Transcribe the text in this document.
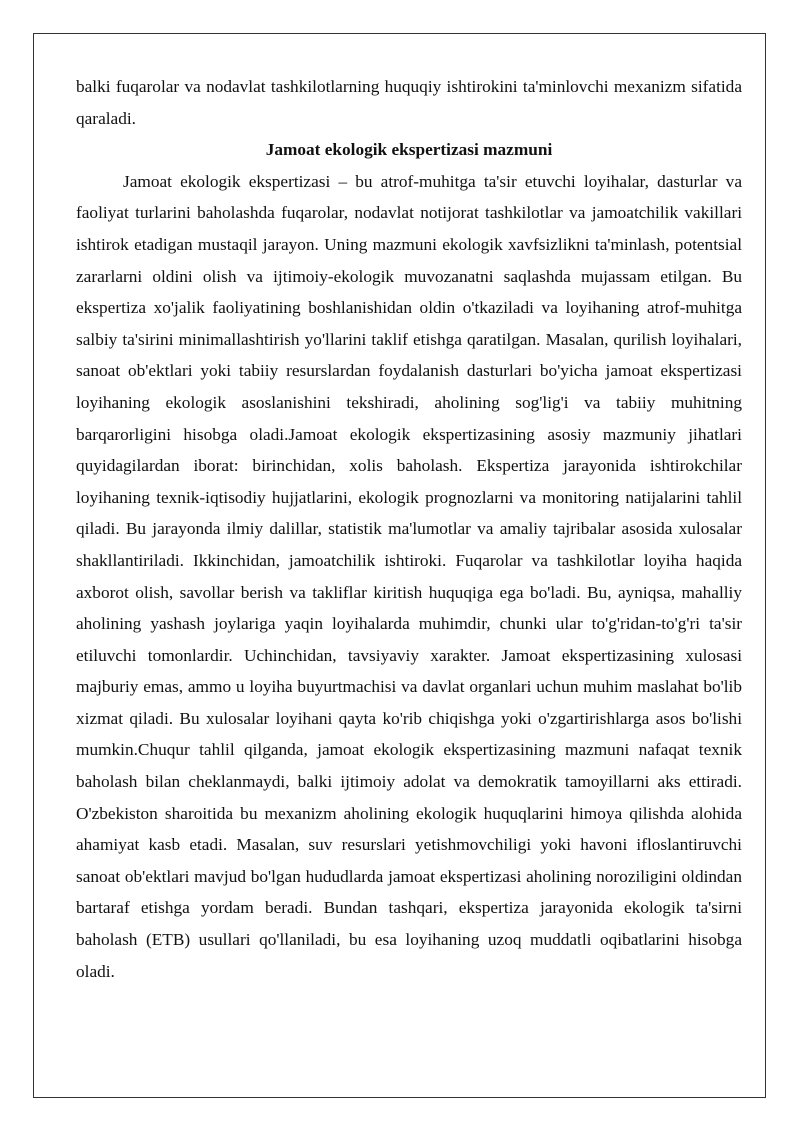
balki fuqarolar va nodavlat tashkilotlarning huquqiy ishtirokini ta'minlovchi mexanizm sifatida qaraladi.

Jamoat ekologik ekspertizasi mazmuni

Jamoat ekologik ekspertizasi – bu atrof-muhitga ta'sir etuvchi loyihalar, dasturlar va faoliyat turlarini baholashda fuqarolar, nodavlat notijorat tashkilotlar va jamoatchilik vakillari ishtirok etadigan mustaqil jarayon. Uning mazmuni ekologik xavfsizlikni ta'minlash, potentsial zararlarni oldini olish va ijtimoiy-ekologik muvozanatni saqlashda mujassam etilgan. Bu ekspertiza xo'jalik faoliyatining boshlanishidan oldin o'tkaziladi va loyihaning atrof-muhitga salbiy ta'sirini minimallashtirish yo'llarini taklif etishga qaratilgan. Masalan, qurilish loyihalari, sanoat ob'ektlari yoki tabiiy resurslardan foydalanish dasturlari bo'yicha jamoat ekspertizasi loyihaning ekologik asoslanishini tekshiradi, aholining sog'lig'i va tabiiy muhitning barqarorligini hisobga oladi.Jamoat ekologik ekspertizasining asosiy mazmuniy jihatlari quyidagilardan iborat: birinchidan, xolis baholash. Ekspertiza jarayonida ishtirokchilar loyihaning texnik-iqtisodiy hujjatlarini, ekologik prognozlarni va monitoring natijalarini tahlil qiladi. Bu jarayonda ilmiy dalillar, statistik ma'lumotlar va amaliy tajribalar asosida xulosalar shakllantiriladi. Ikkinchidan, jamoatchilik ishtiroki. Fuqarolar va tashkilotlar loyiha haqida axborot olish, savollar berish va takliflar kiritish huquqiga ega bo'ladi. Bu, ayniqsa, mahalliy aholining yashash joylariga yaqin loyihalarda muhimdir, chunki ular to'g'ridan-to'g'ri ta'sir etiluvchi tomonlardir. Uchinchidan, tavsiyaviy xarakter. Jamoat ekspertizasining xulosasi majburiy emas, ammo u loyiha buyurtmachisi va davlat organlari uchun muhim maslahat bo'lib xizmat qiladi. Bu xulosalar loyihani qayta ko'rib chiqishga yoki o'zgartirishlarga asos bo'lishi mumkin.Chuqur tahlil qilganda, jamoat ekologik ekspertizasining mazmuni nafaqat texnik baholash bilan cheklanmaydi, balki ijtimoiy adolat va demokratik tamoyillarni aks ettiradi. O'zbekiston sharoitida bu mexanizm aholining ekologik huquqlarini himoya qilishda alohida ahamiyat kasb etadi. Masalan, suv resurslari yetishmovchiligi yoki havoni ifloslantiruvchi sanoat ob'ektlari mavjud bo'lgan hududlarda jamoat ekspertizasi aholining noroziligini oldindan bartaraf etishga yordam beradi. Bundan tashqari, ekspertiza jarayonida ekologik ta'sirni baholash (ETB) usullari qo'llaniladi, bu esa loyihaning uzoq muddatli oqibatlarini hisobga oladi.
